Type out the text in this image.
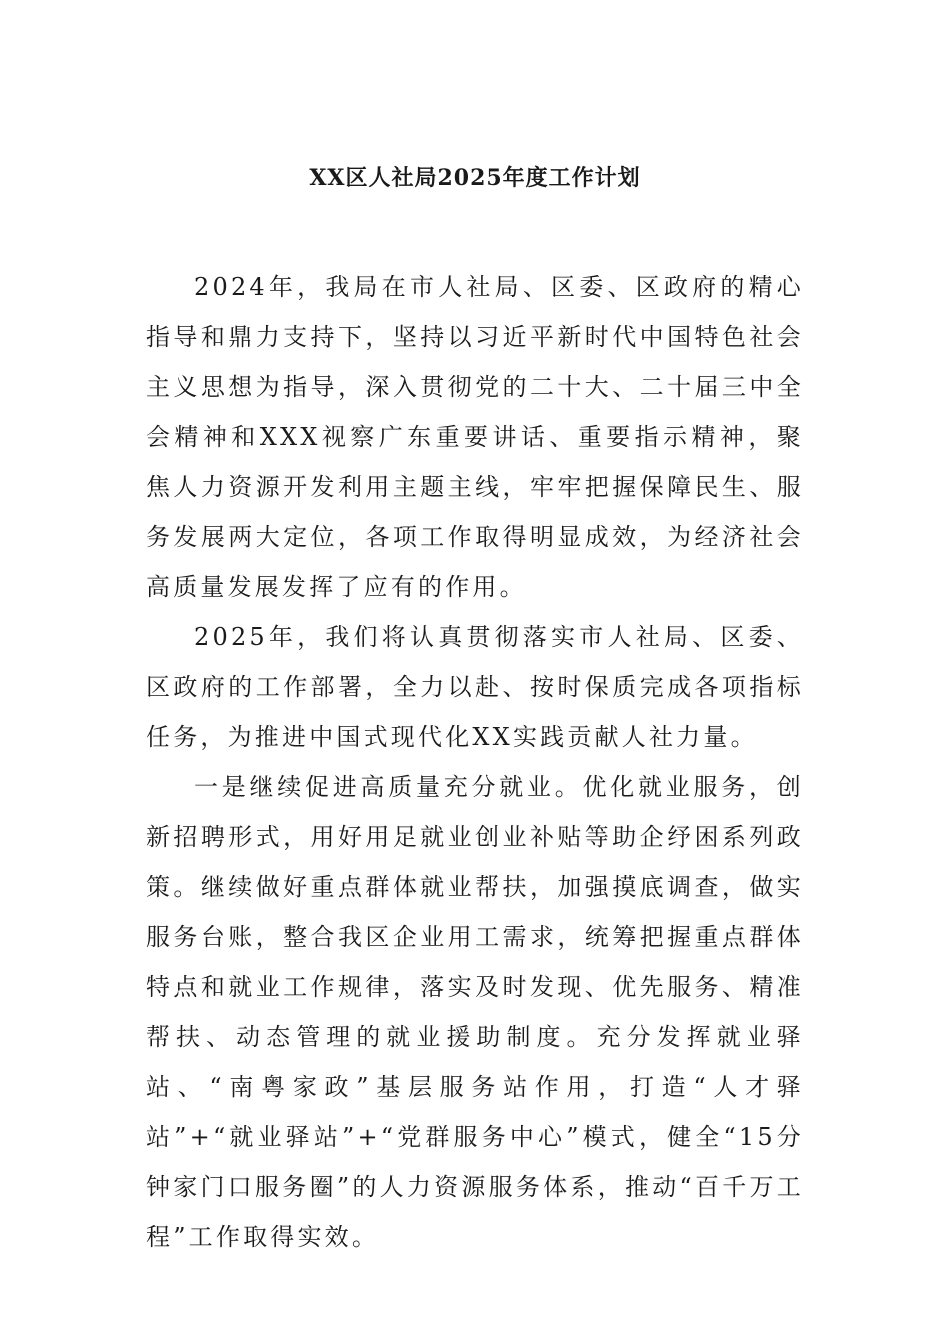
XX区人社局2025年度工作计划

2024年，我局在市人社局、区委、区政府的精心指导和鼎力支持下，坚持以习近平新时代中国特色社会主义思想为指导，深入贯彻党的二十大、二十届三中全会精神和XXX视察广东重要讲话、重要指示精神，聚焦人力资源开发利用主题主线，牢牢把握保障民生、服务发展两大定位，各项工作取得明显成效，为经济社会高质量发展发挥了应有的作用。

2025年，我们将认真贯彻落实市人社局、区委、区政府的工作部署，全力以赴、按时保质完成各项指标任务，为推进中国式现代化XX实践贡献人社力量。

一是继续促进高质量充分就业。优化就业服务，创新招聘形式，用好用足就业创业补贴等助企纾困系列政策。继续做好重点群体就业帮扶，加强摸底调查，做实服务台账，整合我区企业用工需求，统筹把握重点群体特点和就业工作规律，落实及时发现、优先服务、精准帮扶、动态管理的就业援助制度。充分发挥就业驿站、“南粤家政”基层服务站作用，打造“人才驿站”+“就业驿站”+“党群服务中心”模式，健全“15分钟家门口服务圈”的人力资源服务体系，推动“百千万工程”工作取得实效。
